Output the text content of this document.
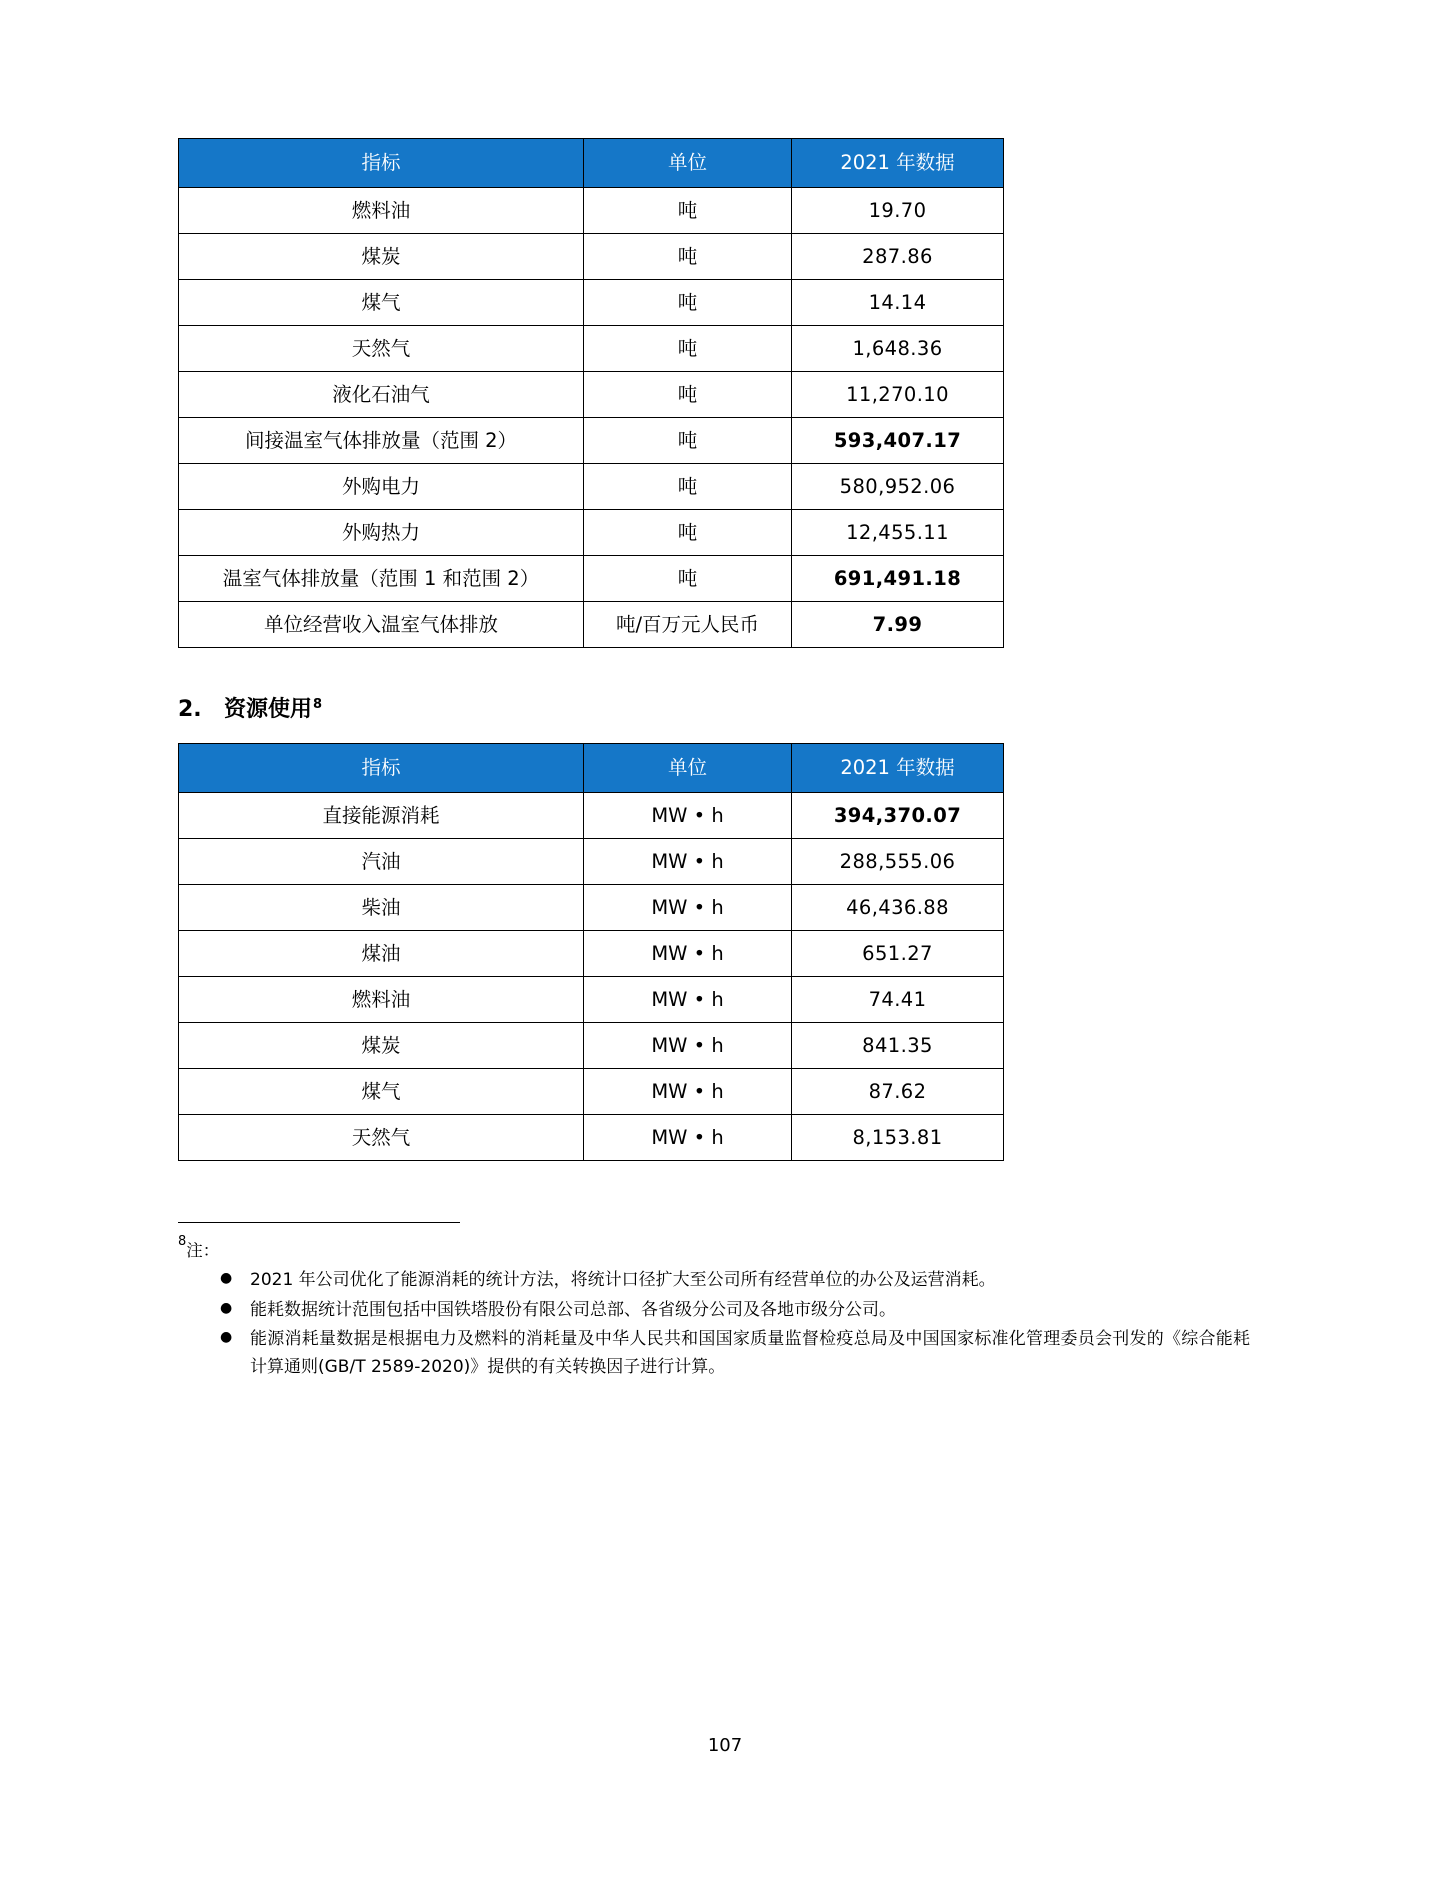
指标	单位	2021 年数据
燃料油	吨	19.70
煤炭	吨	287.86
煤气	吨	14.14
天然气	吨	1,648.36
液化石油气	吨	11,270.10
间接温室气体排放量（范围 2）	吨	593,407.17
外购电力	吨	580,952.06
外购热力	吨	12,455.11
温室气体排放量（范围 1 和范围 2）	吨	691,491.18
单位经营收入温室气体排放	吨/百万元人民币	7.99
2.	资源使用 8
指标	单位	2021 年数据
直接能源消耗	MW • h	394,370.07
汽油	MW • h	288,555.06
柴油	MW • h	46,436.88
煤油	MW • h	651.27
燃料油	MW • h	74.41
煤炭	MW • h	841.35
煤气	MW • h	87.62
天然气	MW • h	8,153.81
$^8$注：
● 2021 年公司优化了能源消耗的统计方法，将统计口径扩大至公司所有经营单位的办公及运营消耗。
● 能耗数据统计范围包括中国铁塔股份有限公司总部、各省级分公司及各地市级分公司。
● 能源消耗量数据是根据电力及燃料的消耗量及中华人民共和国国家质量监督检疫总局及中国国家标准化管理委员会刊发的《综合能耗计算通则(GB/T 2589-2020)》提供的有关转换因子进行计算。
107
